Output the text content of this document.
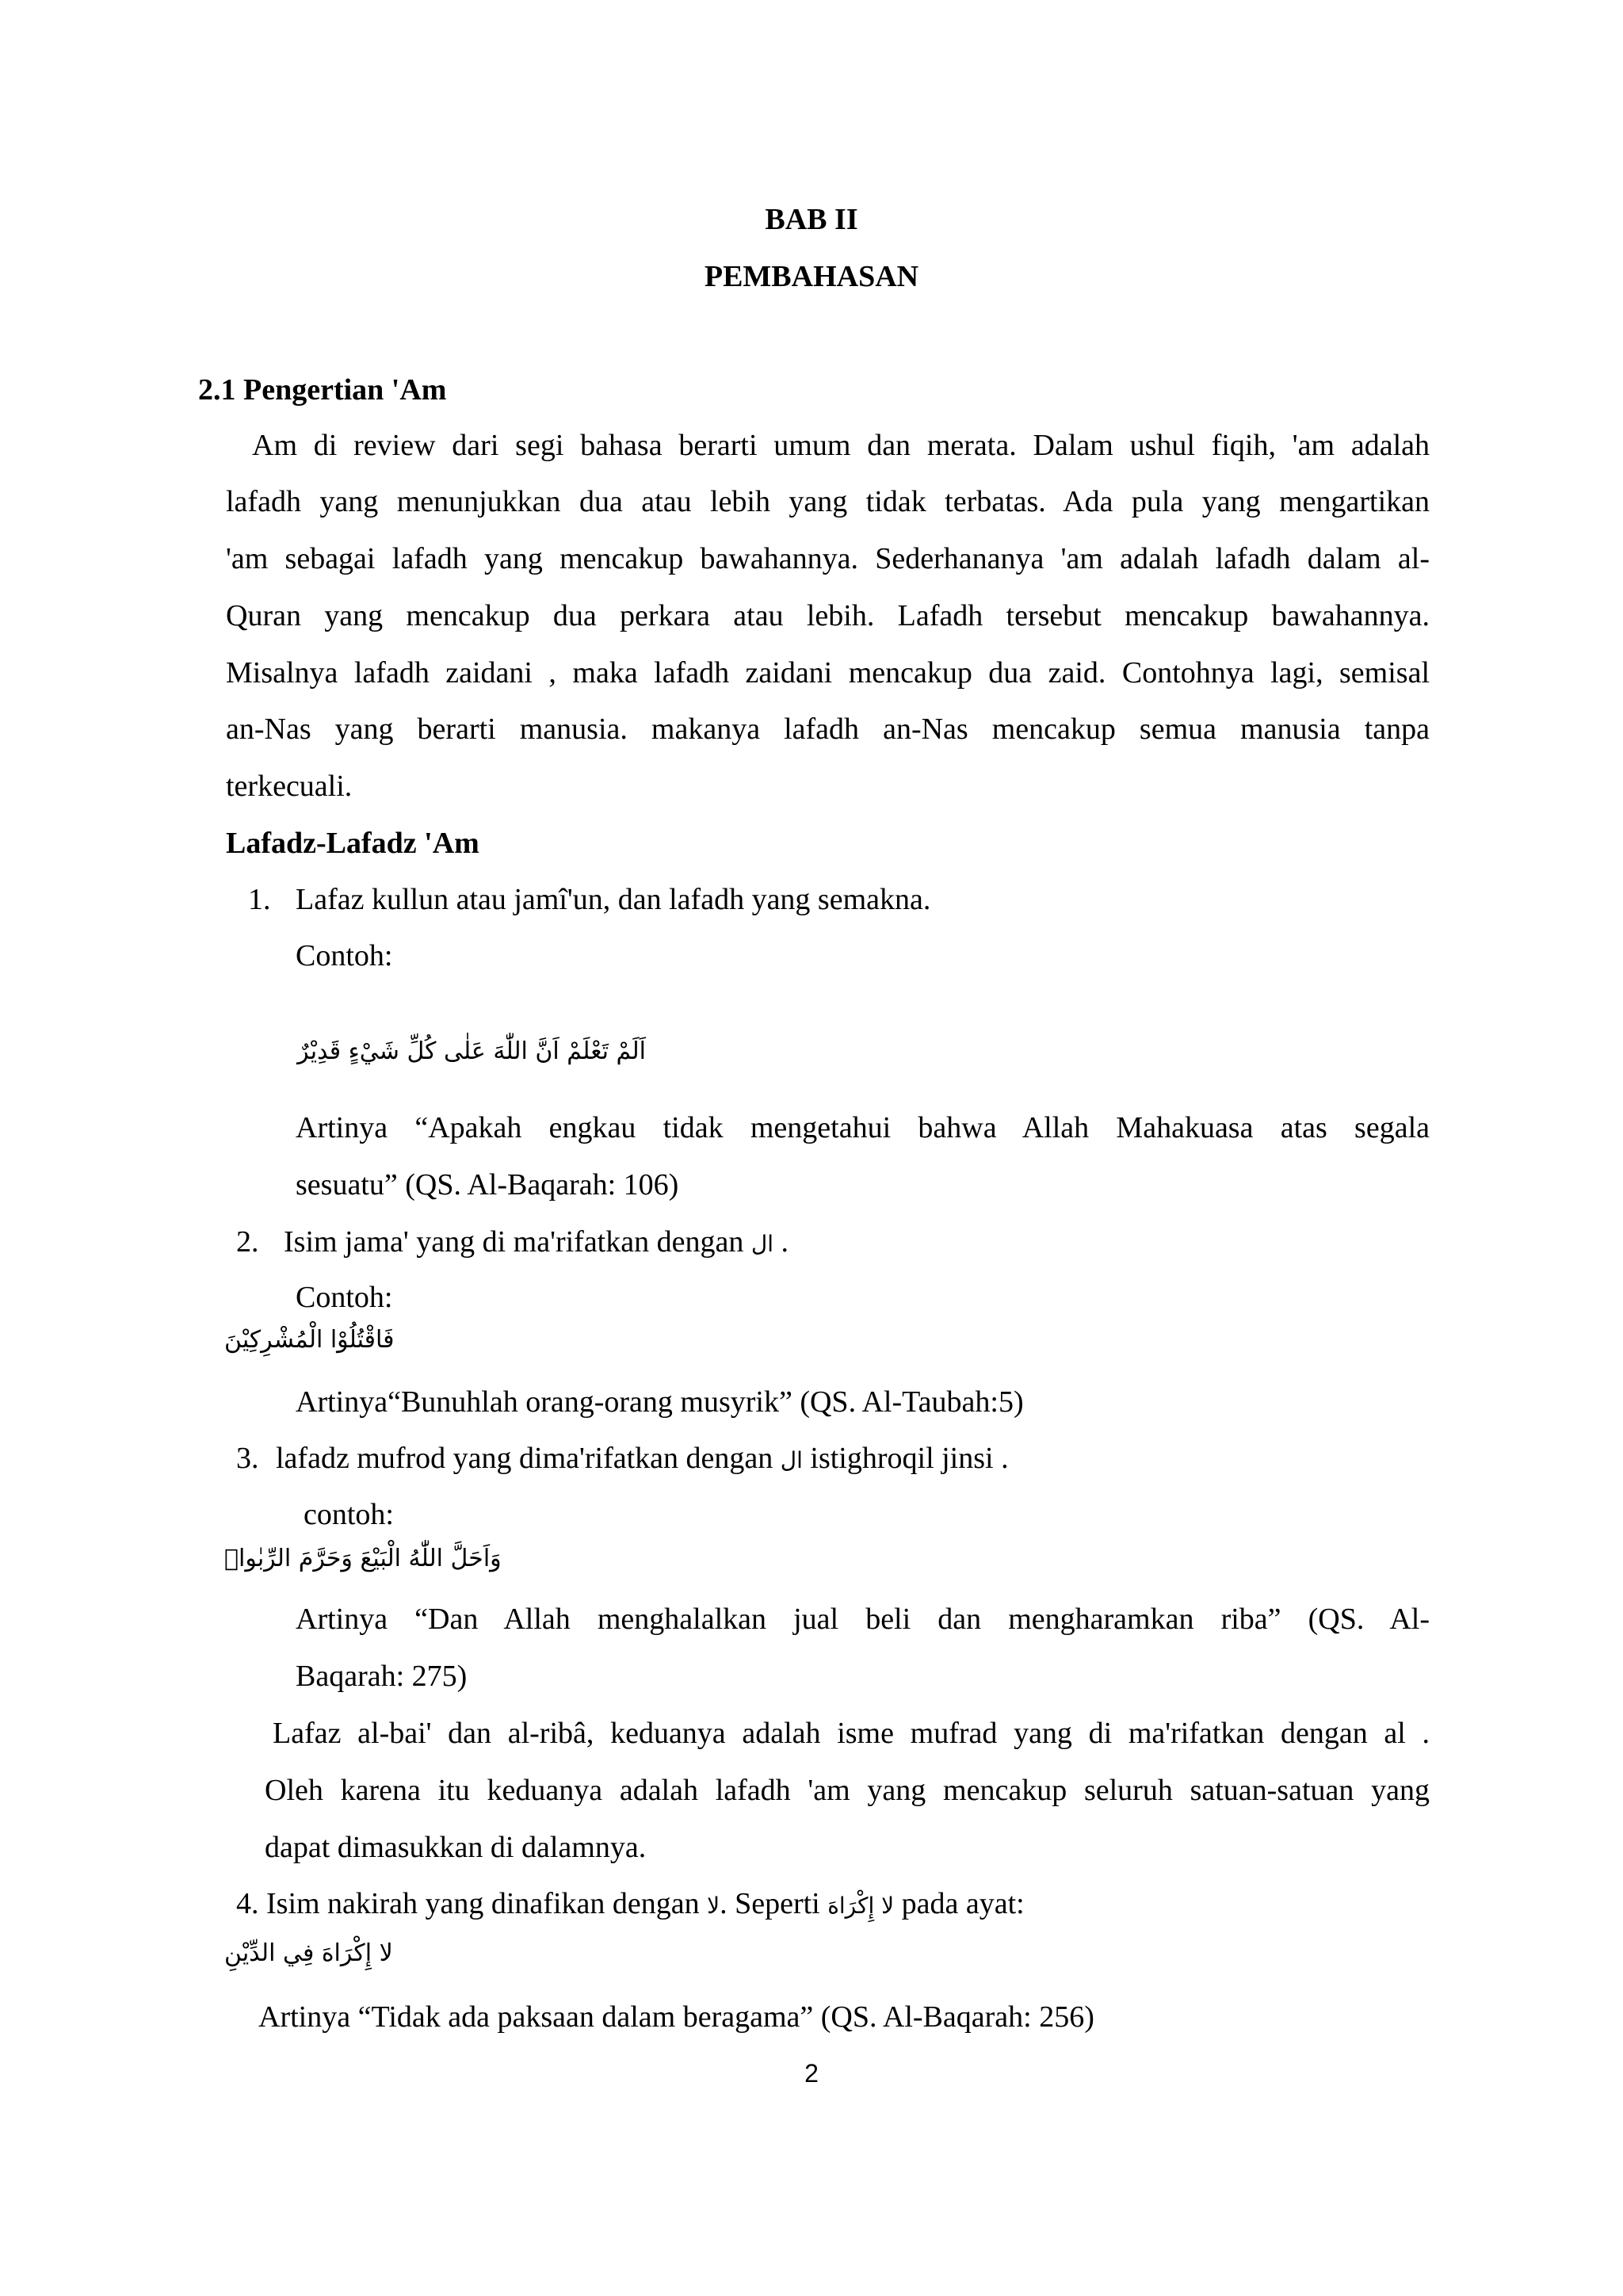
BAB II
PEMBAHASAN
2.1 Pengertian 'Am
Am di review dari segi bahasa berarti umum dan merata. Dalam ushul fiqih, 'am adalah
lafadh yang menunjukkan dua atau lebih yang tidak terbatas. Ada pula yang mengartikan
'am sebagai lafadh yang mencakup bawahannya. Sederhananya 'am adalah lafadh dalam al-
Quran yang mencakup dua perkara atau lebih. Lafadh tersebut mencakup bawahannya.
Misalnya lafadh zaidani , maka lafadh zaidani mencakup dua zaid. Contohnya lagi, semisal
an-Nas yang berarti manusia. makanya lafadh an-Nas mencakup semua manusia tanpa
terkecuali.
Lafadz-Lafadz 'Am
1. Lafaz kullun atau jamî'un, dan lafadh yang semakna.
Contoh:
اَلَمْ تَعْلَمْ اَنَّ اللّٰهَ عَلٰى كُلِّ شَيْءٍ قَدِيْرٌ
Artinya “Apakah engkau tidak mengetahui bahwa Allah Mahakuasa atas segala
sesuatu” (QS. Al-Baqarah: 106)
2. Isim jama' yang di ma'rifatkan dengan ال .
Contoh:
فَاقْتُلُوْا الْمُشْرِكِيْنَ
Artinya“Bunuhlah orang-orang musyrik” (QS. Al-Taubah:5)
3. lafadz mufrod yang dima'rifatkan dengan ال istighroqil jinsi .
contoh:
وَاَحَلَّ اللّٰهُ الْبَيْعَ وَحَرَّمَ الرِّبٰواۗ
Artinya “Dan Allah menghalalkan jual beli dan mengharamkan riba” (QS. Al-
Baqarah: 275)
Lafaz al-bai' dan al-ribâ, keduanya adalah isme mufrad yang di ma'rifatkan dengan al .
Oleh karena itu keduanya adalah lafadh 'am yang mencakup seluruh satuan-satuan yang
dapat dimasukkan di dalamnya.
4. Isim nakirah yang dinafikan dengan لا. Seperti لا إِكْرَاهَ pada ayat:
لا إِكْرَاهَ فِي الدِّيْنِ
Artinya “Tidak ada paksaan dalam beragama” (QS. Al-Baqarah: 256)
2
